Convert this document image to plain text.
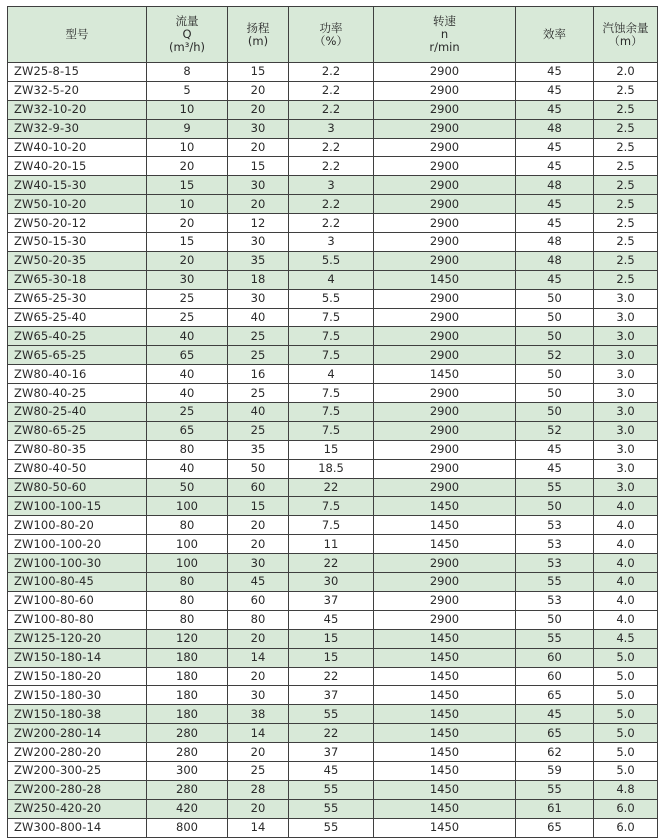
型号	流量
Q
(m³/h)	扬程
(m)	功率
（%）	转速
n
r/min	效率	汽蚀余量
（m）

ZW25-8-15	8	15	2.2	2900	45	2.0
ZW32-5-20	5	20	2.2	2900	45	2.5
ZW32-10-20	10	20	2.2	2900	45	2.5
ZW32-9-30	9	30	3	2900	48	2.5
ZW40-10-20	10	20	2.2	2900	45	2.5
ZW40-20-15	20	15	2.2	2900	45	2.5
ZW40-15-30	15	30	3	2900	48	2.5
ZW50-10-20	10	20	2.2	2900	45	2.5
ZW50-20-12	20	12	2.2	2900	45	2.5
ZW50-15-30	15	30	3	2900	48	2.5
ZW50-20-35	20	35	5.5	2900	48	2.5
ZW65-30-18	30	18	4	1450	45	2.5
ZW65-25-30	25	30	5.5	2900	50	3.0
ZW65-25-40	25	40	7.5	2900	50	3.0
ZW65-40-25	40	25	7.5	2900	50	3.0
ZW65-65-25	65	25	7.5	2900	52	3.0
ZW80-40-16	40	16	4	1450	50	3.0
ZW80-40-25	40	25	7.5	2900	50	3.0
ZW80-25-40	25	40	7.5	2900	50	3.0
ZW80-65-25	65	25	7.5	2900	52	3.0
ZW80-80-35	80	35	15	2900	45	3.0
ZW80-40-50	40	50	18.5	2900	45	3.0
ZW80-50-60	50	60	22	2900	55	3.0
ZW100-100-15	100	15	7.5	1450	50	4.0
ZW100-80-20	80	20	7.5	1450	53	4.0
ZW100-100-20	100	20	11	1450	53	4.0
ZW100-100-30	100	30	22	2900	53	4.0
ZW100-80-45	80	45	30	2900	55	4.0
ZW100-80-60	80	60	37	2900	53	4.0
ZW100-80-80	80	80	45	2900	50	4.0
ZW125-120-20	120	20	15	1450	55	4.5
ZW150-180-14	180	14	15	1450	60	5.0
ZW150-180-20	180	20	22	1450	60	5.0
ZW150-180-30	180	30	37	1450	65	5.0
ZW150-180-38	180	38	55	1450	45	5.0
ZW200-280-14	280	14	22	1450	65	5.0
ZW200-280-20	280	20	37	1450	62	5.0
ZW200-300-25	300	25	45	1450	59	5.0
ZW200-280-28	280	28	55	1450	55	4.8
ZW250-420-20	420	20	55	1450	61	6.0
ZW300-800-14	800	14	55	1450	65	6.0
